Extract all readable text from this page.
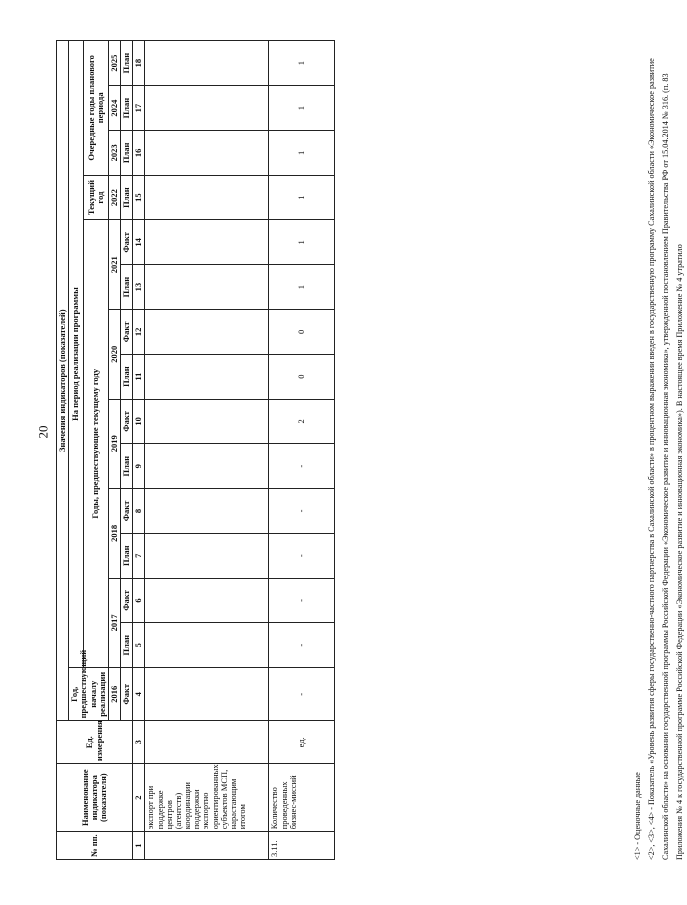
20
№ пп.	Наименование индикатора (показателя)	Ед. измерения	Значения индикаторов (показателей)														
			Год, предшествующий началу реализации	На период реализации программы													
				Годы, предшествующие текущему году										Текущий год	Очередные годы планового периода		
			2016	2017		2018		2019		2020		2021		2022	2023	2024	2025
			Факт	План	Факт	План	Факт	План	Факт	План	Факт	План	Факт	План	План	План	План
1	2	3	4	5	6	7	8	9	10	11	12	13	14	15	16	17	18
	экспорт при поддержке центров (агентств) координации поддержки экспортно ориентированных субъектов МСП, нарастающим итогом																
3.11.	Количество проведенных бизнес-миссий	ед.	-	-	-	-	-	-	2	0	0	1	1	1	1	1	1

<1> - Оценочные данные <2>, <3>, <4> - Показатель «Уровень развития сферы государственно-частного партнерства в Сахалинской области» в процентном выражении введен в государственную программу Сахалинской области «Экономическое развитие Сахалинской области» на основании государственной программы Российской Федерации «Экономическое развитие и инновационная экономика», утвержденной постановлением Правительства РФ от 15.04.2014 № 316. (п. 83 Приложения № 4 к государственной программе Российской Федерации «Экономическое развитие и инновационная экономика»). В настоящее время Приложение № 4 утратило
